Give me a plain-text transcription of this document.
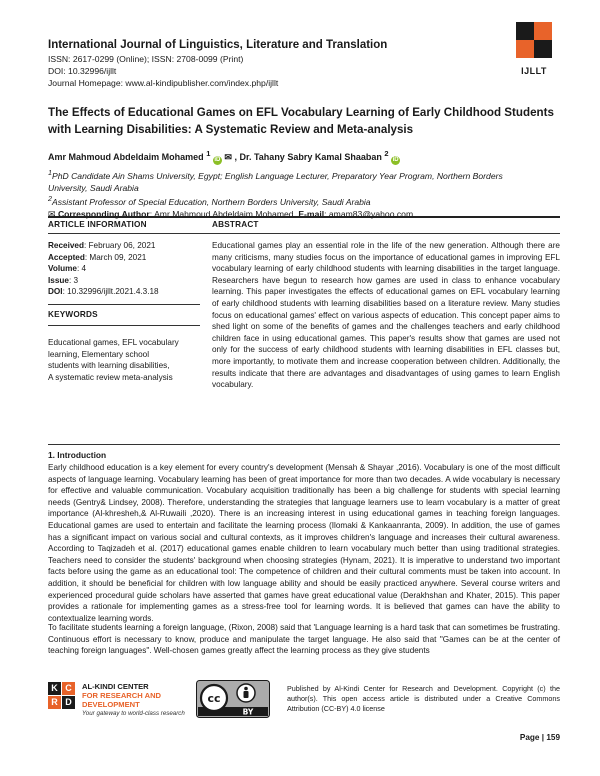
International Journal of Linguistics, Literature and Translation
ISSN: 2617-0299 (Online); ISSN: 2708-0099 (Print)
DOI: 10.32996/ijllt
Journal Homepage: www.al-kindipublisher.com/index.php/ijllt
IJLLT
The Effects of Educational Games on EFL Vocabulary Learning of Early Childhood Students
with Learning Disabilities: A Systematic Review and Meta-analysis
Amr Mahmoud Abdeldaim Mohamed $^1$ iD ✉ , Dr. Tahany Sabry Kamal Shaaban $^2$ iD
$^1$PhD Candidate Ain Shams University, Egypt; English Language Lecturer, Preparatory Year Program, Northern Borders
University, Saudi Arabia
$^2$Assistant Professor of Special Education, Northern Borders University, Saudi Arabia
✉ Corresponding Author: Amr Mahmoud Abdeldaim Mohamed, E-mail: amam83@yahoo.com
ARTICLE INFORMATION	ABSTRACT
Received: February 06, 2021
Accepted: March 09, 2021
Volume: 4
Issue: 3
DOI: 10.32996/ijllt.2021.4.3.18
KEYWORDS
Educational games, EFL vocabulary
learning, Elementary school
students with learning disabilities,
A systematic review meta-analysis
Educational games play an essential role in the life of the new generation. Although there are many criticisms, many studies focus on the importance of educational games in improving EFL vocabulary learning of early childhood students with learning disabilities in the target language. Researchers have begun to research how games are used in class to enhance vocabulary learning. This paper investigates the effects of educational games on EFL vocabulary learning of early childhood students with learning disabilities based on a literature review. Many studies focus on educational games' effect on various aspects of education. This concept paper aims to shed light on some of the benefits of games and the challenges teachers and early childhood children face in using educational games. This paper's results show that games are used not only for the success of early childhood students with learning disabilities in EFL classes but, more importantly, to motivate them and increase cooperation between children. Additionally, the results indicate that there are advantages and disadvantages of using games to learn English vocabulary.
1. Introduction
Early childhood education is a key element for every country's development (Mensah & Shayar ,2016). Vocabulary is one of the most difficult aspects of language learning. Vocabulary learning has been of great importance for more than two decades. A wide vocabulary is necessary for effective and valuable communication. Vocabulary acquisition traditionally has been a big challenge for students with special learning needs (Gentry& Lindsey, 2008). Therefore, understanding the strategies that language learners use to learn vocabulary is a matter of great importance (Al-khresheh,& Al-Ruwaili ,2020). There is an increasing interest in using educational games in teaching foreign languages. Educational games are used to entertain and facilitate the learning process (Ilomaki & Kankaanranta, 2009). In addition, the use of games has a significant impact on various social and cultural contexts, as it improves children's language and increases their cultural awareness. According to Taqizadeh et al. (2017) educational games enable children to learn vocabulary much better than using traditional strategies. Teachers need to consider the students' background when choosing strategies (Hynam, 2021). It is imperative to understand two important facts before using the game as an educational tool: The competence of children and their cultural comments must be taken into account. In addition, it should be beneficial for children with low language ability and should be easily practiced anywhere. Several course writers and experienced procedural guide scholars have asserted that games have great educational value (Derakhshan and Khater, 2015). This paper provides a rationale for implementing games as a stress-free tool for learning words. It is believed that games can have the ability to contextualize learning words.
To facilitate students learning a foreign language, (Rixon, 2008) said that 'Language learning is a hard task that can sometimes be frustrating. Continuous effort is necessary to know, produce and manipulate the target language. He also said that "Games can be at the center of teaching foreign languages". Well-chosen games greatly affect the learning process as they give students
K C
R D
AL-KINDI CENTER
FOR RESEARCH AND
DEVELOPMENT
Your gateway to world-class research
cc
BY
Published by Al-Kindi Center for Research and Development. Copyright (c) the author(s). This open access article is distributed under a Creative Commons Attribution (CC-BY) 4.0 license
Page | 159
